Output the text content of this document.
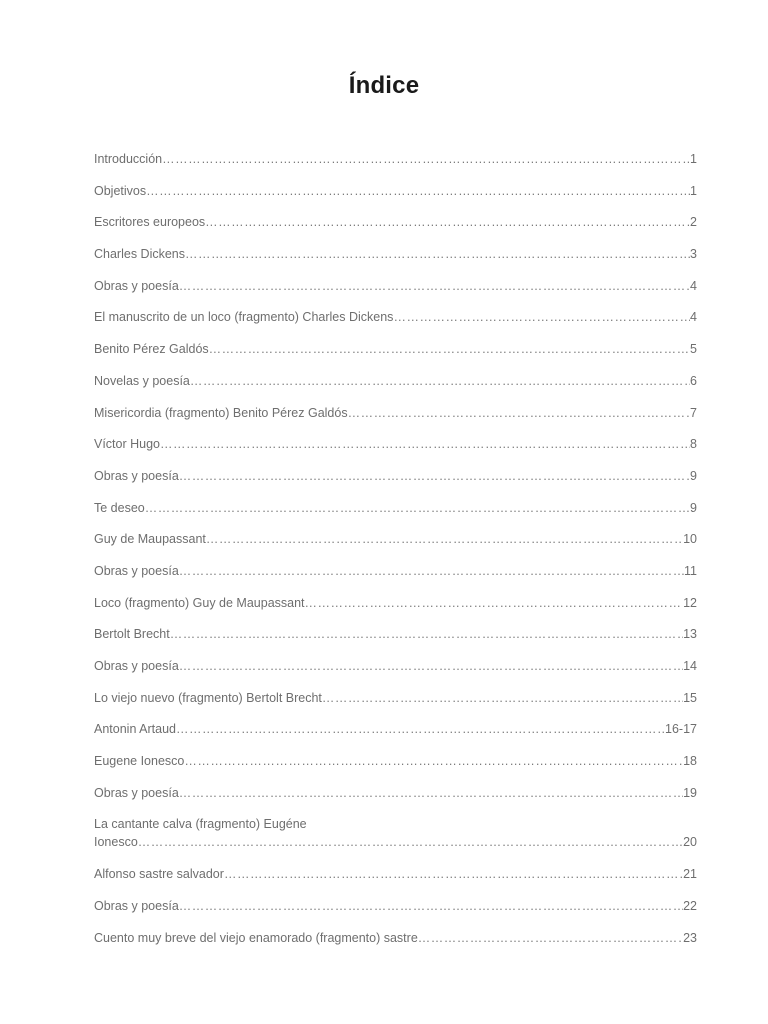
Índice
Introducción ……………………………………………………………………………………………………………………………………………………………………………	1
Objetivos ……………………………………………………………………………………………………………………………………………………………………………	1
Escritores europeos ……………………………………………………………………………………………………………………………………………………………………………	2
Charles Dickens ……………………………………………………………………………………………………………………………………………………………………………	3
Obras y poesía ……………………………………………………………………………………………………………………………………………………………………………	4
El manuscrito de un loco (fragmento) Charles Dickens ……………………………………………………………………………………………………………………………………………………………………………	4
Benito Pérez Galdós ……………………………………………………………………………………………………………………………………………………………………………	5
Novelas y poesía ……………………………………………………………………………………………………………………………………………………………………………	6
Misericordia (fragmento) Benito Pérez Galdós ……………………………………………………………………………………………………………………………………………………………………………	7
Víctor Hugo ……………………………………………………………………………………………………………………………………………………………………………	8
Obras y poesía ……………………………………………………………………………………………………………………………………………………………………………	9
Te deseo ……………………………………………………………………………………………………………………………………………………………………………	9
Guy de Maupassant ……………………………………………………………………………………………………………………………………………………………………………	10
Obras y poesía ……………………………………………………………………………………………………………………………………………………………………………	11
Loco (fragmento) Guy de Maupassant ……………………………………………………………………………………………………………………………………………………………………………	12
Bertolt Brecht ……………………………………………………………………………………………………………………………………………………………………………	13
Obras y poesía ……………………………………………………………………………………………………………………………………………………………………………	14
Lo viejo nuevo (fragmento) Bertolt Brecht ……………………………………………………………………………………………………………………………………………………………………………	15
Antonin Artaud ……………………………………………………………………………………………………………………………………………………………………………	16-17
Eugene Ionesco ……………………………………………………………………………………………………………………………………………………………………………	18
Obras y poesía ……………………………………………………………………………………………………………………………………………………………………………	19
La cantante calva (fragmento) Eugéne
Ionesco ……………………………………………………………………………………………………………………………………………………………………………	20
Alfonso sastre salvador ……………………………………………………………………………………………………………………………………………………………………………	21
Obras y poesía ……………………………………………………………………………………………………………………………………………………………………………	22
Cuento muy breve del viejo enamorado (fragmento) sastre ……………………………………………………………………………………………………………………………………………………………………………	23
